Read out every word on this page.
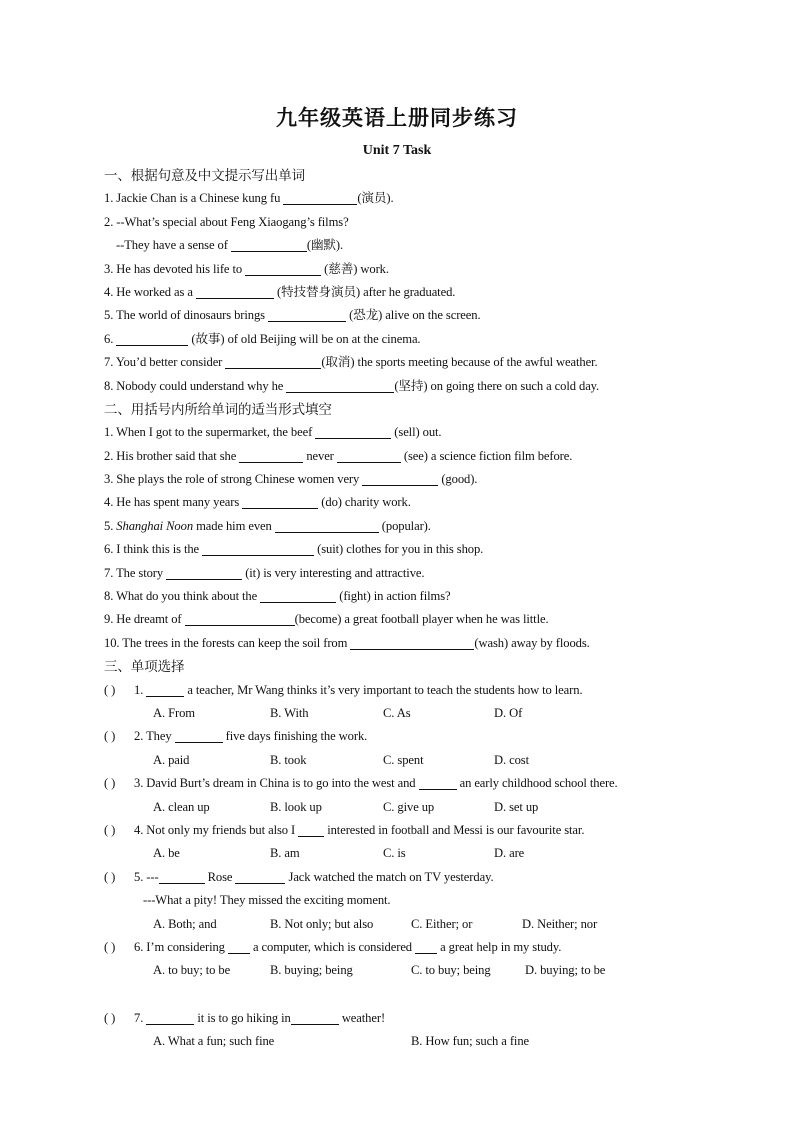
九年级英语上册同步练习
Unit 7 Task
一、根据句意及中文提示写出单词
1. Jackie Chan is a Chinese kung fu	(演员).
2. --What’s special about Feng Xiaogang’s films?
--They have a sense of	(幽默).
3. He has devoted his life to	(慈善) work.
4. He worked as a	(特技替身演员) after he graduated.
5. The world of dinosaurs brings	(恐龙) alive on the screen.
6.	(故事) of old Beijing will be on at the cinema.
7. You’d better consider	(取消) the sports meeting because of the awful weather.
8. Nobody could understand why he	(坚持) on going there on such a cold day.
二、用括号内所给单词的适当形式填空
1. When I got to the supermarket, the beef	(sell) out.
2. His brother said that she	never	(see) a science fiction film before.
3. She plays the role of strong Chinese women very	(good).
4. He has spent many years	(do) charity work.
5. Shanghai Noon made him even	(popular).
6. I think this is the	(suit) clothes for you in this shop.
7. The story	(it) is very interesting and attractive.
8. What do you think about the	(fight) in action films?
9. He dreamt of	(become) a great football player when he was little.
10. The trees in the forests can keep the soil from	(wash) away by floods.
三、单项选择
( ) 1.	a teacher, Mr Wang thinks it’s very important to teach the students how to learn.
A. From	B. With	C. As	D. Of
( ) 2. They	five days finishing the work.
A. paid	B. took	C. spent	D. cost
( ) 3. David Burt’s dream in China is to go into the west and	an early childhood school there.
A. clean up	B. look up	C. give up	D. set up
( ) 4. Not only my friends but also I  interested in football and Messi is our favourite star.
A. be	B. am	C. is	D. are
( ) 5. ---	Rose	Jack watched the match on TV yesterday.
---What a pity! They missed the exciting moment.
A. Both; and	B. Not only; but also	C. Either; or	D. Neither; nor
( ) 6. I’m considering  a computer, which is considered  a great help in my study.
A. to buy; to be	B. buying; being	C. to buy; being	D. buying; to be
( ) 7.	it is to go hiking in	weather!
A. What a fun; such fine	B. How fun; such a fine
